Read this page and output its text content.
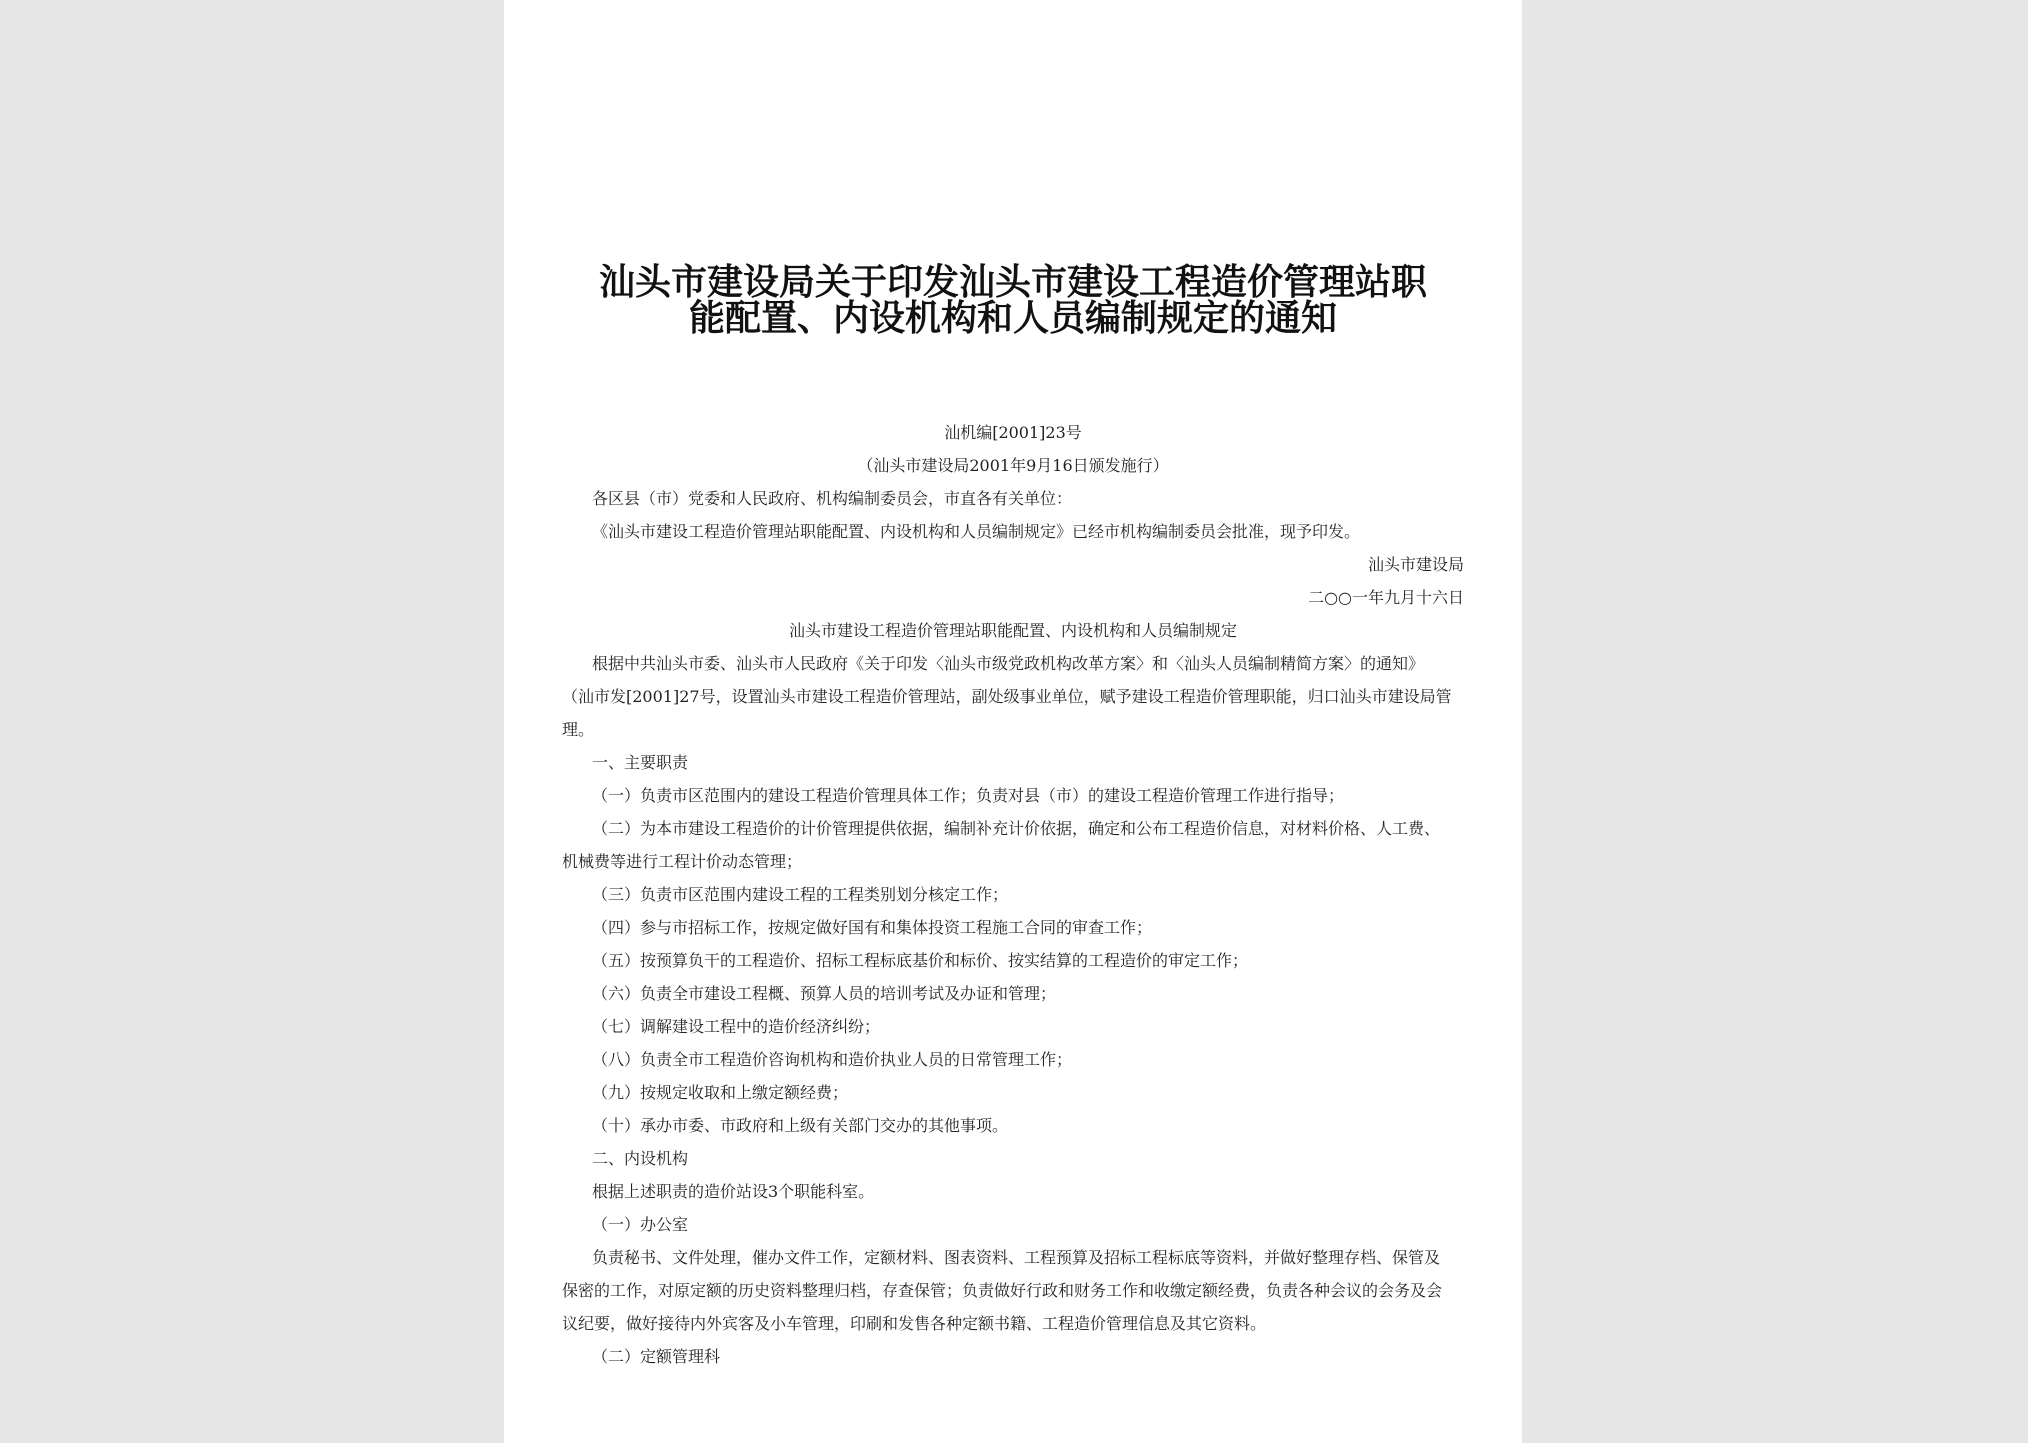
汕头市建设局关于印发汕头市建设工程造价管理站职
能配置、内设机构和人员编制规定的通知
汕机编[2001]23号
（汕头市建设局2001年9月16日颁发施行）
各区县（市）党委和人民政府、机构编制委员会，市直各有关单位：
《汕头市建设工程造价管理站职能配置、内设机构和人员编制规定》已经市机构编制委员会批准，现予印发。
汕头市建设局
二○○一年九月十六日
汕头市建设工程造价管理站职能配置、内设机构和人员编制规定
根据中共汕头市委、汕头市人民政府《关于印发〈汕头市级党政机构改革方案〉和〈汕头人员编制精简方案〉的通知》
（汕市发[2001]27号，设置汕头市建设工程造价管理站，副处级事业单位，赋予建设工程造价管理职能，归口汕头市建设局管
理。
一、主要职责
（一）负责市区范围内的建设工程造价管理具体工作；负责对县（市）的建设工程造价管理工作进行指导；
（二）为本市建设工程造价的计价管理提供依据，编制补充计价依据，确定和公布工程造价信息，对材料价格、人工费、
机械费等进行工程计价动态管理；
（三）负责市区范围内建设工程的工程类别划分核定工作；
（四）参与市招标工作，按规定做好国有和集体投资工程施工合同的审查工作；
（五）按预算负干的工程造价、招标工程标底基价和标价、按实结算的工程造价的审定工作；
（六）负责全市建设工程概、预算人员的培训考试及办证和管理；
（七）调解建设工程中的造价经济纠纷；
（八）负责全市工程造价咨询机构和造价执业人员的日常管理工作；
（九）按规定收取和上缴定额经费；
（十）承办市委、市政府和上级有关部门交办的其他事项。
二、内设机构
根据上述职责的造价站设3个职能科室。
（一）办公室
负责秘书、文件处理，催办文件工作，定额材料、图表资料、工程预算及招标工程标底等资料，并做好整理存档、保管及
保密的工作，对原定额的历史资料整理归档，存查保管；负责做好行政和财务工作和收缴定额经费，负责各种会议的会务及会
议纪要，做好接待内外宾客及小车管理，印刷和发售各种定额书籍、工程造价管理信息及其它资料。
（二）定额管理科
